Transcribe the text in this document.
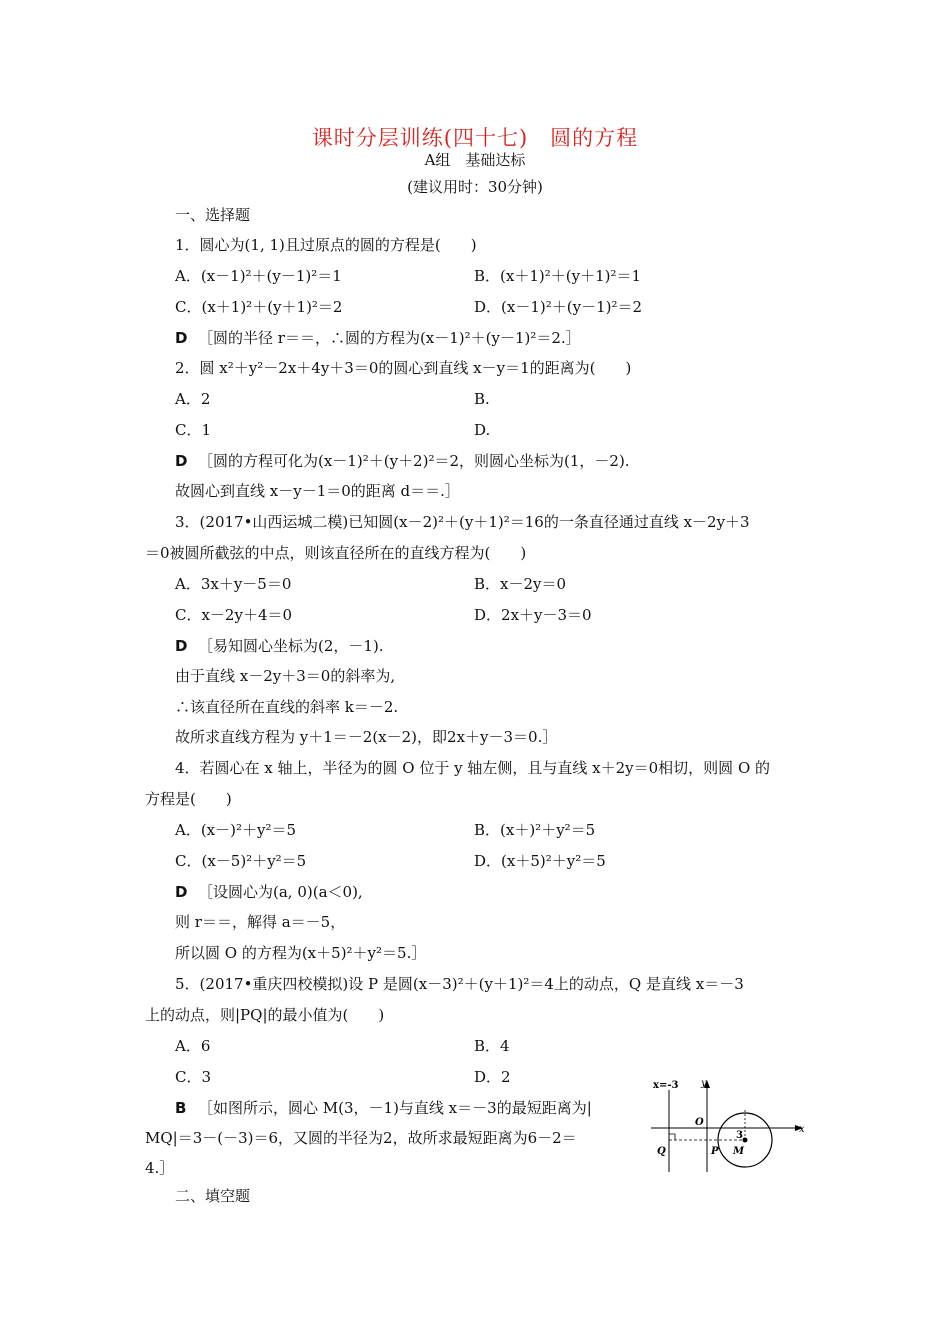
课时分层训练(四十七)　圆的方程
A组　基础达标
(建议用时：30分钟)
一、选择题
1．圆心为(1, 1)且过原点的圆的方程是(　　)
A．(x－1)²＋(y－1)²＝1	B．(x＋1)²＋(y＋1)²＝1
C．(x＋1)²＋(y＋1)²＝2	D．(x－1)²＋(y－1)²＝2
D ［圆的半径 r＝＝，∴圆的方程为(x－1)²＋(y－1)²＝2.］
2．圆 x²＋y²－2x＋4y＋3＝0的圆心到直线 x－y＝1的距离为(　　)
A．2	B.
C．1	D.
D ［圆的方程可化为(x－1)²＋(y＋2)²＝2，则圆心坐标为(1，－2).
故圆心到直线 x－y－1＝0的距离 d＝＝.］
3．(2017•山西运城二模)已知圆(x－2)²＋(y＋1)²＝16的一条直径通过直线 x－2y＋3
＝0被圆所截弦的中点，则该直径所在的直线方程为(　　)
A．3x＋y－5＝0	B．x－2y＝0
C．x－2y＋4＝0	D．2x＋y－3＝0
D ［易知圆心坐标为(2，－1).
由于直线 x－2y＋3＝0的斜率为,
∴该直径所在直线的斜率 k＝－2.
故所求直线方程为 y＋1＝－2(x－2)，即2x＋y－3＝0.］
4．若圆心在 x 轴上，半径为的圆 O 位于 y 轴左侧，且与直线 x＋2y＝0相切，则圆 O 的
方程是(　　)
A．(x－)²＋y²＝5	B．(x＋)²＋y²＝5
C．(x－5)²＋y²＝5	D．(x＋5)²＋y²＝5
D ［设圆心为(a, 0)(a＜0),
则 r＝＝，解得 a＝－5，
所以圆 O 的方程为(x＋5)²＋y²＝5.］
5．(2017•重庆四校模拟)设 P 是圆(x－3)²＋(y＋1)²＝4上的动点，Q 是直线 x＝－3
上的动点，则|PQ|的最小值为(　　)
A．6	B．4
C．3	D．2
B ［如图所示，圆心 M(3，－1)与直线 x＝－3的最短距离为|
MQ|＝3－(－3)＝6，又圆的半径为2，故所求最短距离为6－2＝
4.］
x
y
x=-3
O
Q	P M
3
二、填空题
